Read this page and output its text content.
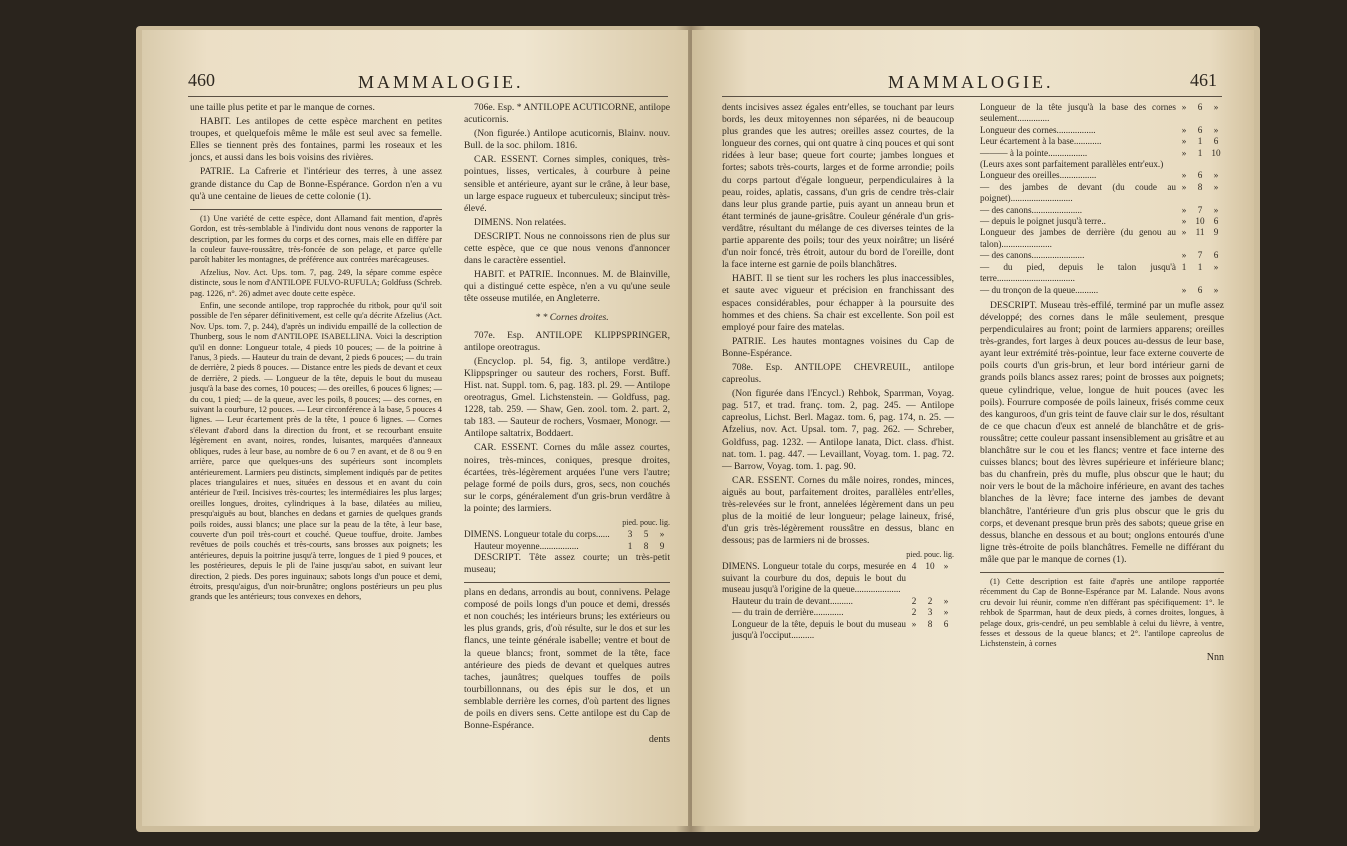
460	MAMMALOGIE.

une taille plus petite et par le manque de cornes.

HABIT. Les antilopes de cette espèce marchent en petites troupes, et quelquefois même le mâle est seul avec sa femelle. Elles se tiennent près des fontaines, parmi les roseaux et les joncs, et aussi dans les bois voisins des rivières.

PATRIE. La Cafrerie et l'intérieur des terres, à une assez grande distance du Cap de Bonne-Espérance. Gordon n'en a vu qu'à une centaine de lieues de cette colonie (1).

(1) Une variété de cette espèce, dont Allamand fait mention, d'après Gordon, est très-semblable à l'individu dont nous venons de rapporter la description, par les formes du corps et des cornes, mais elle en diffère par la couleur fauve-roussâtre, très-foncée de son pelage, et parce qu'elle paroît habiter les montagnes, de préférence aux contrées marécageuses.

Afzelius, Nov. Act. Ups. tom. 7, pag. 249, la sépare comme espèce distincte, sous le nom d'ANTILOPE FULVO-RUFULA; Goldfuss (Schreb. pag. 1226, n°. 26) admet avec doute cette espèce.

Enfin, une seconde antilope, trop rapprochée du ritbok, pour qu'il soit possible de l'en séparer définitivement, est celle qu'a décrite Afzelius (Act. Nov. Ups. tom. 7, p. 244), d'après un individu empaillé de la collection de Thunberg, sous le nom d'ANTILOPE ISABELLINA. Voici la description qu'il en donne: Longueur totale, 4 pieds 10 pouces; — de la poitrine à l'anus, 3 pieds. — Hauteur du train de devant, 2 pieds 6 pouces; — du train de derrière, 2 pieds 8 pouces. — Distance entre les pieds de devant et ceux de derrière, 2 pieds. — Longueur de la tête, depuis le bout du museau jusqu'à la base des cornes, 10 pouces; — des oreilles, 6 pouces 6 lignes; — du cou, 1 pied; — de la queue, avec les poils, 8 pouces; — des cornes, en suivant la courbure, 12 pouces. — Leur circonférence à la base, 5 pouces 4 lignes. — Leur écartement près de la tête, 1 pouce 6 lignes. — Cornes s'élevant d'abord dans la direction du front, et se recourbant ensuite légèrement en avant, noires, rondes, luisantes, marquées d'anneaux obliques, rudes à leur base, au nombre de 6 ou 7 en avant, et de 8 ou 9 en arrière, parce que quelques-uns des supérieurs sont incomplets antérieurement. Larmiers peu distincts, simplement indiqués par de petites places triangulaires et nues, situées en dessous et en avant du coin antérieur de l'œil. Incisives très-courtes; les intermédiaires les plus larges; oreilles longues, droites, cylindriques à la base, dilatées au milieu, presqu'aiguës au bout, blanches en dedans et garnies de quelques grands poils roides, aussi blancs; une place sur la peau de la tête, à leur base, couverte d'un poil très-court et couché. Queue touffue, droite. Jambes revêtues de poils couchés et très-courts, sans brosses aux poignets; les antérieures, depuis la poitrine jusqu'à terre, longues de 1 pied 9 pouces, et les postérieures, depuis le pli de l'aine jusqu'au sabot, en suivant leur direction, 2 pieds. Des pores inguinaux; sabots longs d'un pouce et demi, étroits, presqu'aigus, d'un noir-brunâtre; onglons postérieurs un peu plus grands que les antérieurs; tous convexes en dehors,

706e. Esp. * ANTILOPE ACUTICORNE, antilope acuticornis.

(Non figurée.) Antilope acuticornis, Blainv. nouv. Bull. de la soc. philom. 1816.

CAR. ESSENT. Cornes simples, coniques, très-pointues, lisses, verticales, à courbure à peine sensible et antérieure, ayant sur le crâne, à leur base, un large espace rugueux et tuberculeux; sinciput très-élevé.

DIMENS. Non relatées.

DESCRIPT. Nous ne connoissons rien de plus sur cette espèce, que ce que nous venons d'annoncer dans le caractère essentiel.

HABIT. et PATRIE. Inconnues. M. de Blainville, qui a distingué cette espèce, n'en a vu qu'une seule tête osseuse mutilée, en Angleterre.

* * Cornes droites.

707e. Esp. ANTILOPE KLIPPSPRINGER, antilope oreotragus.

(Encyclop. pl. 54, fig. 3, antilope verdâtre.) Klippspringer ou sauteur des rochers, Forst. Buff. Hist. nat. Suppl. tom. 6, pag. 183. pl. 29. — Antilope oreotragus, Gmel. Lichstenstein. — Goldfuss, pag. 1228, tab. 259. — Shaw, Gen. zool. tom. 2. part. 2, tab 183. — Sauteur de rochers, Vosmaer, Monogr. — Antilope saltatrix, Boddaert.

CAR. ESSENT. Cornes du mâle assez courtes, noires, très-minces, coniques, presque droites, écartées, très-légèrement arquées l'une vers l'autre; pelage formé de poils durs, gros, secs, non couchés sur le corps, généralement d'un gris-brun verdâtre à la pointe; des larmiers.

pied. pouc. lig.
DIMENS. Longueur totale du corps......	3	5	»
Hauteur moyenne.................	1	8	9

DESCRIPT. Tête assez courte; un très-petit museau;

plans en dedans, arrondis au bout, connivens. Pelage composé de poils longs d'un pouce et demi, dressés et non couchés; les intérieurs bruns; les extérieurs ou les plus grands, gris, d'où résulte, sur le dos et sur les flancs, une teinte générale isabelle; ventre et bout de la queue blancs; front, sommet de la tête, face antérieure des pieds de devant et quelques autres taches, jaunâtres; quelques touffes de poils tourbillonnans, ou des épis sur le dos, et un semblable derrière les cornes, d'où partent des lignes de poils en divers sens. Cette antilope est du Cap de Bonne-Espérance.

dents
MAMMALOGIE.	461

dents incisives assez égales entr'elles, se touchant par leurs bords, les deux mitoyennes non séparées, ni de beaucoup plus grandes que les autres; oreilles assez courtes, de la longueur des cornes, qui ont quatre à cinq pouces et qui sont ridées à leur base; queue fort courte; jambes longues et fortes; sabots très-courts, larges et de forme arrondie; poils du corps partout d'égale longueur, perpendiculaires à la peau, roides, aplatis, cassans, d'un gris de cendre très-clair dans leur plus grande partie, puis ayant un anneau brun et étant terminés de jaune-grisâtre. Couleur générale d'un gris-verdâtre, résultant du mélange de ces diverses teintes de la partie apparente des poils; tour des yeux noirâtre; un liséré d'un noir foncé, très étroit, autour du bord de l'oreille, dont la face interne est garnie de poils blanchâtres.

HABIT. Il se tient sur les rochers les plus inaccessibles, et saute avec vigueur et précision en franchissant des espaces considérables, pour échapper à la poursuite des hommes et des chiens. Sa chair est excellente. Son poil est employé pour faire des matelas.

PATRIE. Les hautes montagnes voisines du Cap de Bonne-Espérance.

708e. Esp. ANTILOPE CHEVREUIL, antilope capreolus.

(Non figurée dans l'Encycl.) Rehbok, Sparrman, Voyag. pag. 517, et trad. franç. tom. 2, pag. 245. — Antilope capreolus, Lichst. Berl. Magaz. tom. 6, pag. 174, n. 25. — Afzelius, nov. Act. Upsal. tom. 7, pag. 262. — Schreber, Goldfuss, pag. 1232. — Antilope lanata, Dict. class. d'hist. nat. tom. 1. pag. 447. — Levaillant, Voyag. tom. 1. pag. 72. — Barrow, Voyag. tom. 1. pag. 90.

CAR. ESSENT. Cornes du mâle noires, rondes, minces, aiguës au bout, parfaitement droites, parallèles entr'elles, très-relevées sur le front, annelées légèrement dans un peu plus de la moitié de leur longueur; pelage laineux, frisé, d'un gris très-légèrement roussâtre en dessus, blanc en dessous; pas de larmiers ni de brosses.

pied. pouc. lig.
DIMENS. Longueur totale du corps, mesurée en suivant la courbure du dos, depuis le bout du museau jusqu'à l'origine de la queue....................	4	10	»
Hauteur du train de devant..........	2	2	»
— du train de derrière.............	2	3	»
Longueur de la tête, depuis le bout du museau jusqu'à l'occiput..........	»	8	6
Longueur de la tête jusqu'à la base des cornes seulement..............	»	6	»
Longueur des cornes.................	»	6	»
Leur écartement à la base............	»	1	6
——— à la pointe.................	»	1	10
(Leurs axes sont parfaitement parallèles entr'eux.)			
Longueur des oreilles................	»	6	»
— des jambes de devant (du coude au poignet)...........................	»	8	»
— des canons......................	»	7	»
— depuis le poignet jusqu'à terre..	»	10	6
Longueur des jambes de derrière (du genou au talon)......................	»	11	9
— des canons.......................	»	7	6
— du pied, depuis le talon jusqu'à terre..................................	1	1	»
— du tronçon de la queue..........	»	6	»

DESCRIPT. Museau très-effilé, terminé par un mufle assez développé; des cornes dans le mâle seulement, presque perpendiculaires au front; point de larmiers apparens; oreilles très-grandes, fort larges à deux pouces au-dessus de leur base, ayant leur extrémité très-pointue, leur face externe couverte de poils courts d'un gris-brun, et leur bord intérieur garni de grands poils blancs assez rares; point de brosses aux poignets; queue cylindrique, velue, longue de huit pouces (avec les poils). Fourrure composée de poils laineux, frisés comme ceux des kanguroos, d'un gris teint de fauve clair sur le dos, résultant de ce que chacun d'eux est annelé de blanchâtre et de gris-roussâtre; cette couleur passant insensiblement au grisâtre et au blanchâtre sur le cou et les flancs; ventre et face interne des cuisses blancs; bout des lèvres supérieure et inférieure blanc; bas du chanfrein, près du mufle, plus obscur que le haut; du noir vers le bout de la mâchoire inférieure, en avant des taches blanches de la lèvre; face interne des jambes de devant blanchâtre, l'antérieure d'un gris plus obscur que le gris du corps, et devenant presque brun près des sabots; queue grise en dessus, blanche en dessous et au bout; onglons entourés d'une ligne très-étroite de poils blanchâtres. Femelle ne différant du mâle que par le manque de cornes (1).

(1) Cette description est faite d'après une antilope rapportée récemment du Cap de Bonne-Espérance par M. Lalande. Nous avons cru devoir lui réunir, comme n'en différant pas spécifiquement: 1°. le rehbok de Sparrman, haut de deux pieds, à cornes droites, longues, à pelage doux, gris-cendré, un peu semblable à celui du lièvre, à ventre, fesses et dessous de la queue blancs; et 2°. l'antilope capreolus de Lichstenstein, à cornes

Nnn
